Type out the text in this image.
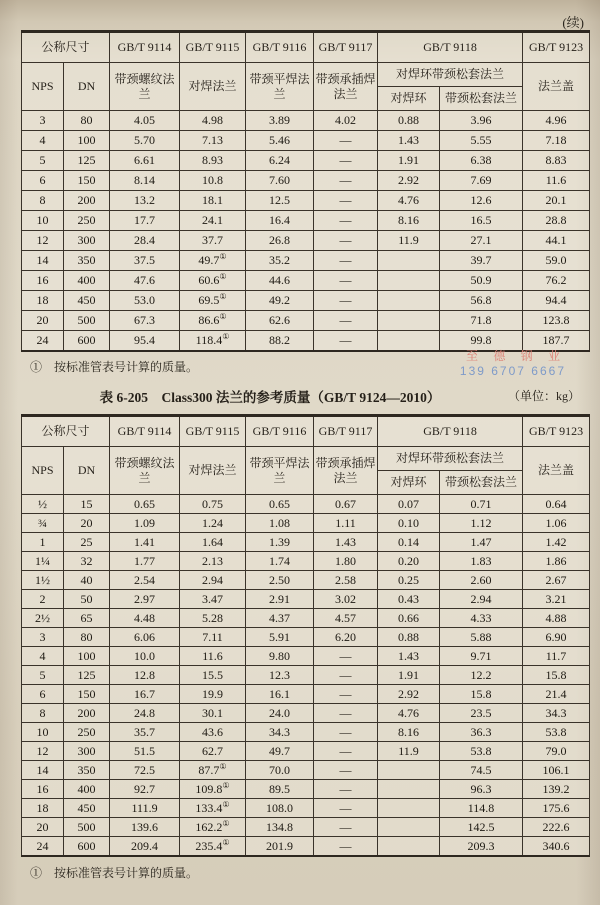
(续)
公称尺寸		GB/T 9114	GB/T 9115	GB/T 9116	GB/T 9117	GB/T 9118		GB/T 9123
NPS	DN	带颈螺纹法兰	对焊法兰	带颈平焊法兰	带颈承插焊法兰	对焊环带颈松套法兰		法兰盖
						对焊环	带颈松套法兰	
3	80	4.05	4.98	3.89	4.02	0.88	3.96	4.96
4	100	5.70	7.13	5.46	—	1.43	5.55	7.18
5	125	6.61	8.93	6.24	—	1.91	6.38	8.83
6	150	8.14	10.8	7.60	—	2.92	7.69	11.6
8	200	13.2	18.1	12.5	—	4.76	12.6	20.1
10	250	17.7	24.1	16.4	—	8.16	16.5	28.8
12	300	28.4	37.7	26.8	—	11.9	27.1	44.1
14	350	37.5	49.7①	35.2	—		39.7	59.0
16	400	47.6	60.6①	44.6	—		50.9	76.2
18	450	53.0	69.5①	49.2	—		56.8	94.4
20	500	67.3	86.6①	62.6	—		71.8	123.8
24	600	95.4	118.4①	88.2	—		99.8	187.7
①　按标准管表号计算的质量。
至 德 钢 业
139 6707 6667
表 6-205　 Class300 法兰的参考质量（GB/T 9124—2010）	（单位：kg）
公称尺寸		GB/T 9114	GB/T 9115	GB/T 9116	GB/T 9117	GB/T 9118		GB/T 9123
NPS	DN	带颈螺纹法兰	对焊法兰	带颈平焊法兰	带颈承插焊法兰	对焊环带颈松套法兰		法兰盖
						对焊环	带颈松套法兰	
½	15	0.65	0.75	0.65	0.67	0.07	0.71	0.64
¾	20	1.09	1.24	1.08	1.11	0.10	1.12	1.06
1	25	1.41	1.64	1.39	1.43	0.14	1.47	1.42
1¼	32	1.77	2.13	1.74	1.80	0.20	1.83	1.86
1½	40	2.54	2.94	2.50	2.58	0.25	2.60	2.67
2	50	2.97	3.47	2.91	3.02	0.43	2.94	3.21
2½	65	4.48	5.28	4.37	4.57	0.66	4.33	4.88
3	80	6.06	7.11	5.91	6.20	0.88	5.88	6.90
4	100	10.0	11.6	9.80	—	1.43	9.71	11.7
5	125	12.8	15.5	12.3	—	1.91	12.2	15.8
6	150	16.7	19.9	16.1	—	2.92	15.8	21.4
8	200	24.8	30.1	24.0	—	4.76	23.5	34.3
10	250	35.7	43.6	34.3	—	8.16	36.3	53.8
12	300	51.5	62.7	49.7	—	11.9	53.8	79.0
14	350	72.5	87.7①	70.0	—		74.5	106.1
16	400	92.7	109.8①	89.5	—		96.3	139.2
18	450	111.9	133.4①	108.0	—		114.8	175.6
20	500	139.6	162.2①	134.8	—		142.5	222.6
24	600	209.4	235.4①	201.9	—		209.3	340.6
①　按标准管表号计算的质量。
